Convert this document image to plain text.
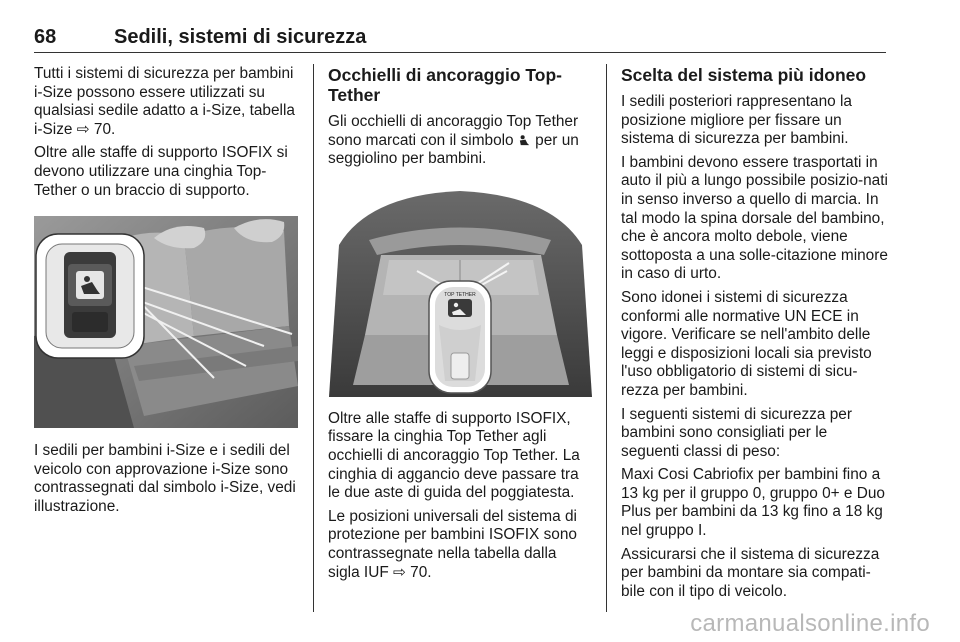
68	Sedili, sistemi di sicurezza

Tutti i sistemi di sicurezza per bambini i-Size possono essere utilizzati su qualsiasi sedile adatto a i-Size, tabella i-Size ⇨ 70.

Oltre alle staffe di supporto ISOFIX si devono utilizzare una cinghia Top-Tether o un braccio di supporto.

I sedili per bambini i-Size e i sedili del veicolo con approvazione i-Size sono contrassegnati dal simbolo i-Size, vedi illustrazione.

Occhielli di ancoraggio Top-Tether

Gli occhielli di ancoraggio Top Tether sono marcati con il simbolo  per un seggiolino per bambini.

TOP TETHER

Oltre alle staffe di supporto ISOFIX, fissare la cinghia Top Tether agli occhielli di ancoraggio Top Tether. La cinghia di aggancio deve passare tra le due aste di guida del poggiatesta.

Le posizioni universali del sistema di protezione per bambini ISOFIX sono contrassegnate nella tabella dalla sigla IUF ⇨ 70.

Scelta del sistema più idoneo

I sedili posteriori rappresentano la posizione migliore per fissare un sistema di sicurezza per bambini.

I bambini devono essere trasportati in auto il più a lungo possibile posizio-nati in senso inverso a quello di marcia. In tal modo la spina dorsale del bambino, che è ancora molto debole, viene sottoposta a una solle-citazione minore in caso di urto.

Sono idonei i sistemi di sicurezza conformi alle normative UN ECE in vigore. Verificare se nell'ambito delle leggi e disposizioni locali sia previsto l'uso obbligatorio di sistemi di sicu-rezza per bambini.

I seguenti sistemi di sicurezza per bambini sono consigliati per le seguenti classi di peso:

Maxi Cosi Cabriofix per bambini fino a 13 kg per il gruppo 0, gruppo 0+ e Duo Plus per bambini da 13 kg fino a 18 kg nel gruppo I.

Assicurarsi che il sistema di sicurezza per bambini da montare sia compati-bile con il tipo di veicolo.

carmanualsonline.info
